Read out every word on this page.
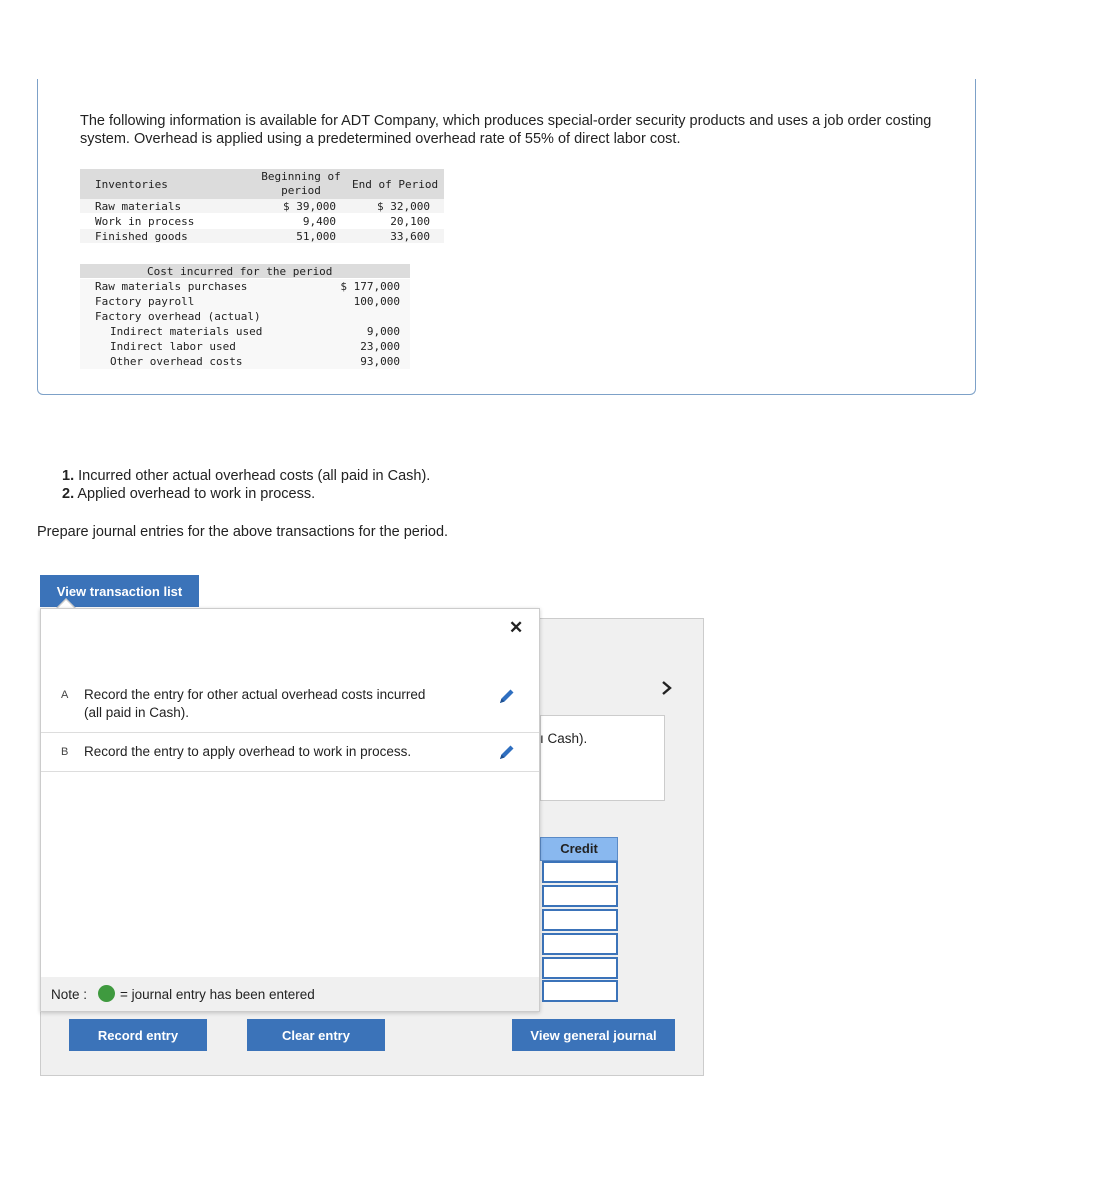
The following information is available for ADT Company, which produces special-order security products and uses a job order costing system. Overhead is applied using a predetermined overhead rate of 55% of direct labor cost.
Inventories
Beginning of
period	End of Period
Raw materials	$ 39,000	$ 32,000
Work in process	9,400	20,100
Finished goods	51,000	33,600
Cost incurred for the period
Raw materials purchases	$ 177,000
Factory payroll	100,000
Factory overhead (actual)
Indirect materials used	9,000
Indirect labor used	23,000
Other overhead costs	93,000
1. Incurred other actual overhead costs (all paid in Cash).
2. Applied overhead to work in process.
Prepare journal entries for the above transactions for the period.
View transaction list
ı Cash).
Credit
Record entry	Clear entry	View general journal
✕
A Record the entry for other actual overhead costs incurred (all paid in Cash).
B Record the entry to apply overhead to work in process.
Note : = journal entry has been entered
